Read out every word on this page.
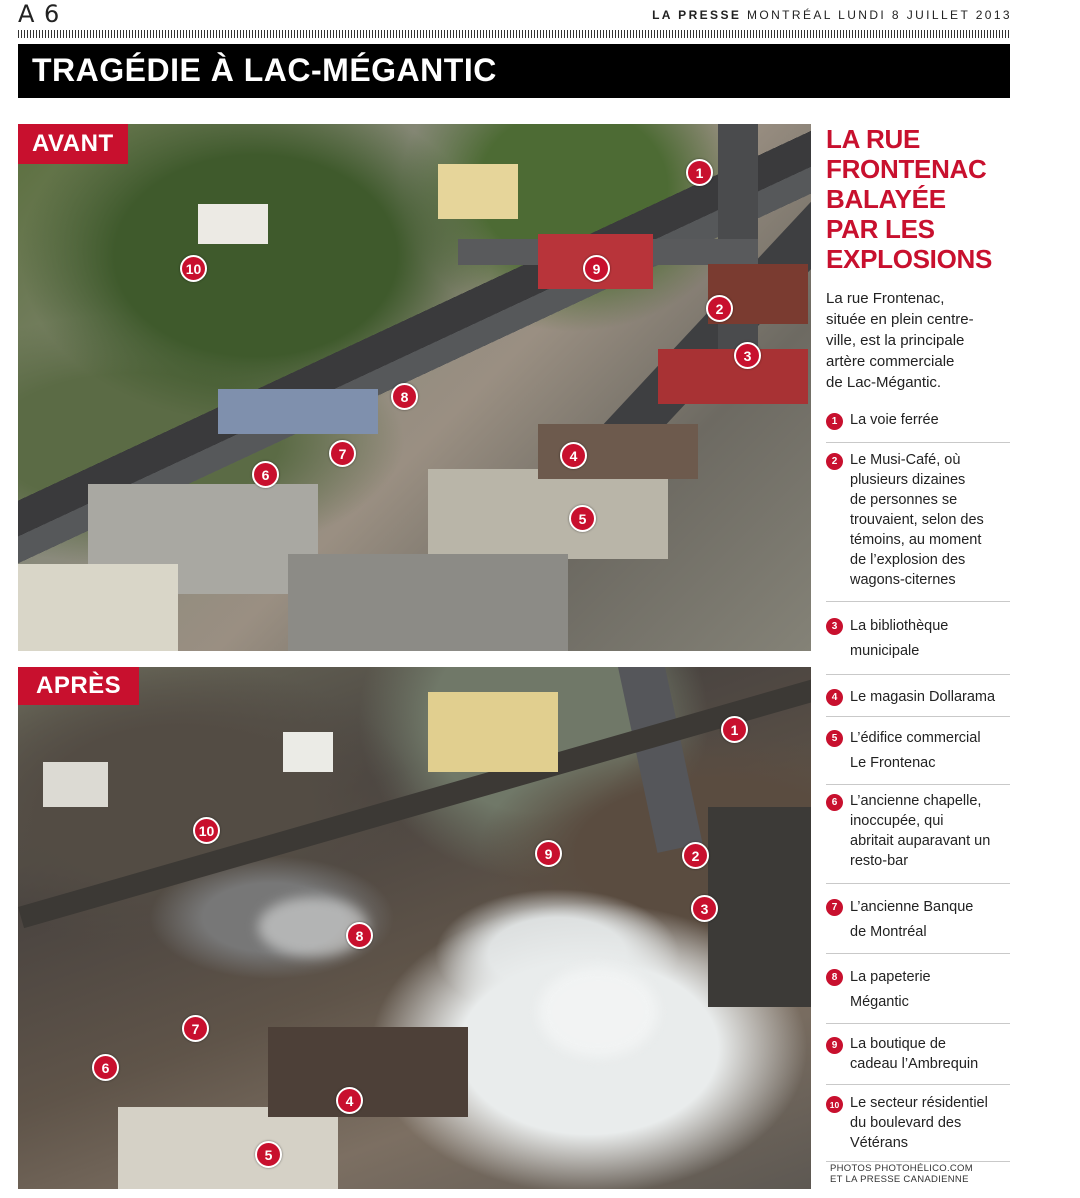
A 6	LA PRESSE MONTRÉAL LUNDI 8 JUILLET 2013
TRAGÉDIE À LAC-MÉGANTIC
AVANT
1
2
3
4
5
6
7
8
9
10
APRÈS
1
2
3
4
5
6
7
8
9
10
LA RUE
FRONTENAC
BALAYÉE
PAR LES
EXPLOSIONS
La rue Frontenac,
située en plein centre-
ville, est la principale
artère commerciale
de Lac-Mégantic.
1 La voie ferrée
2 Le Musi-Café, où
plusieurs dizaines
de personnes se
trouvaient, selon des
témoins, au moment
de l’explosion des
wagons-citernes
3 La bibliothèque
municipale
4 Le magasin Dollarama
5 L’édifice commercial
Le Frontenac
6 L’ancienne chapelle,
inoccupée, qui
abritait auparavant un
resto-bar
7 L’ancienne Banque
de Montréal
8 La papeterie
Mégantic
9 La boutique de
cadeau l’Ambrequin
10 Le secteur résidentiel
du boulevard des
Vétérans
PHOTOS PHOTOHÉLICO.COM
ET LA PRESSE CANADIENNE
